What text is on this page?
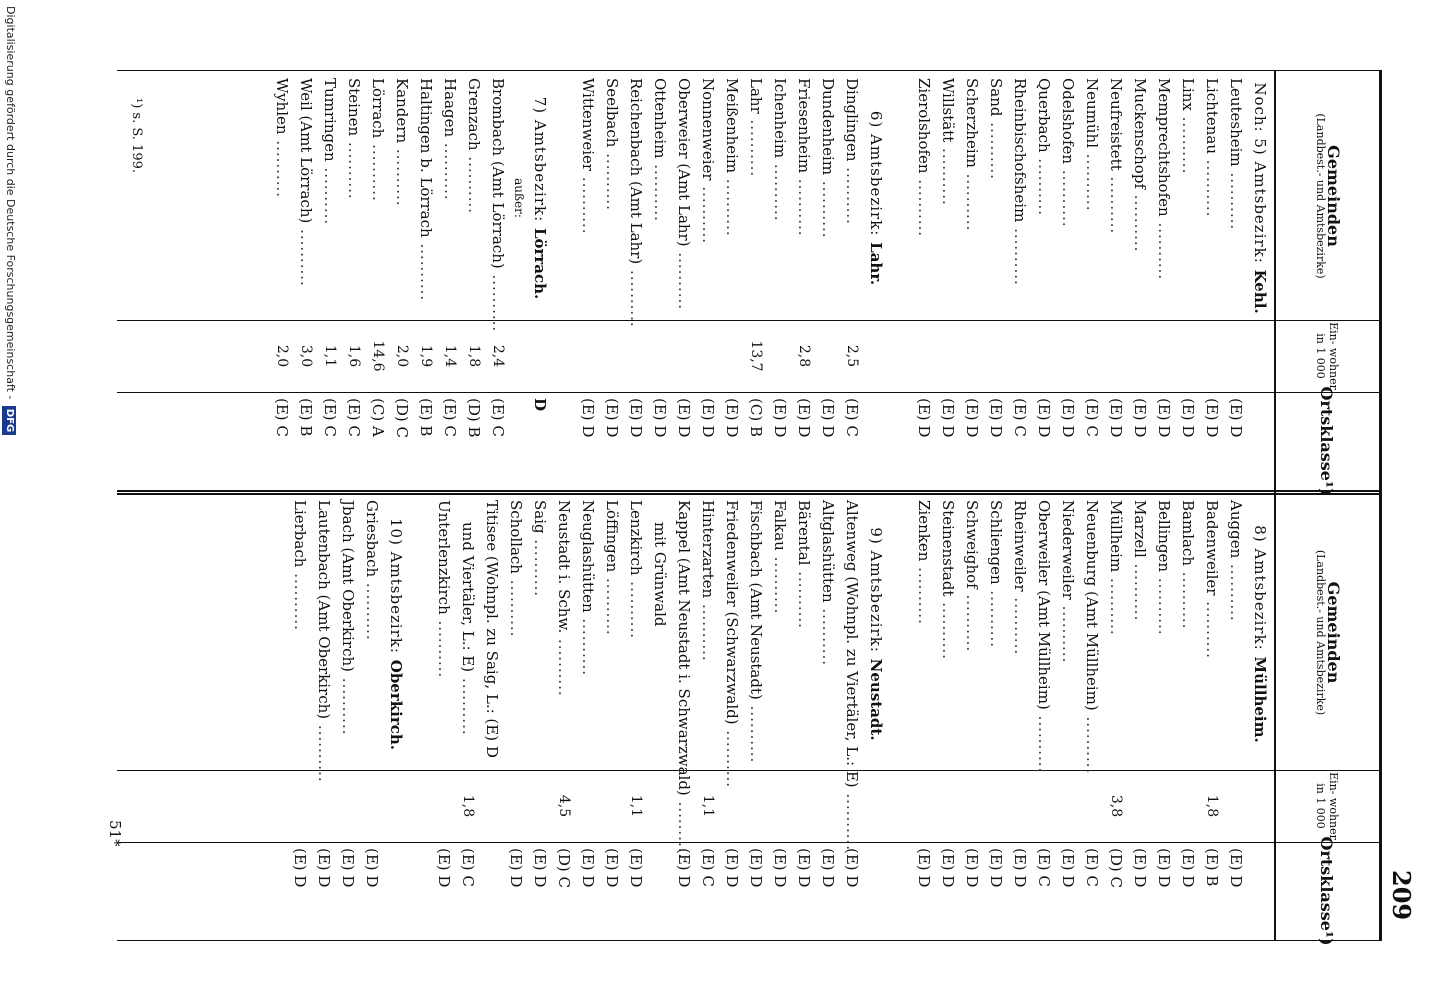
209
Gemeinden
(Landbest.- und Amtsbezirke)
Ein- wohner in 1 000
Ortsklasse¹)
Gemeinden
(Landbest.- und Amtsbezirke)
Ein- wohner in 1 000
Ortsklasse¹)
Noch: 5) Amtsbezirk: Kehl.
Leutesheim ..........
Lichtenau ..........
Linx ..........
Memprechtshofen ..........
Muckenschopf ..........
Neufreistett ..........
Neumühl ..........
Odelshofen ..........
Querbach ..........
Rheinbischofsheim ..........
Sand ..........
Scherzheim ..........
Willstätt ..........
Zierolshofen ..........
6) Amtsbezirk: Lahr.
Dinglingen ..........
Dundenheim ..........
Friesenheim ..........
Ichenheim ..........
Lahr ..........
Meißenheim ..........
Nonnenweier ..........
Oberweier (Amt Lahr) ..........
Ottenheim ..........
Reichenbach (Amt Lahr) ..........
Seelbach ..........
Wittenweier ..........
7) Amtsbezirk: Lörrach.
außer:
Brombach (Amt Lörrach) ..........
Grenzach ..........
Haagen ..........
Haltingen b. Lörrach ..........
Kandern ..........
Lörrach ..........
Steinen ..........
Tumringen ..........
Weil (Amt Lörrach) ..........
Wyhlen ..........
2,5
2,8
13,7
2,4
1,8
1,4
1,9
2,0
14,6
1,6
1,1
3,0
2,0
(E) D
(E) D
(E) D
(E) D
(E) D
(E) D
(E) C
(E) D
(E) D
(E) C
(E) D
(E) D
(E) D
(E) D
(E) C
(E) D
(E) D
(E) D
(C) B
(E) D
(E) D
(E) D
(E) D
(E) D
(E) D
(E) D
D
(E) C
(D) B
(E) C
(E) B
(D) C
(C) A
(E) C
(E) C
(E) B
(E) C
8) Amtsbezirk: Müllheim.
Auggen ..........
Badenweiler ..........
Bamlach ..........
Bellingen ..........
Marzell ..........
Müllheim ..........
Neuenburg (Amt Müllheim) ..........
Niederweiler ..........
Oberweiler (Amt Müllheim) ..........
Rheinweiler ..........
Schliengen ..........
Schweighof ..........
Steinenstadt ..........
Zienken ..........
9) Amtsbezirk: Neustadt.
Altenweg (Wohnpl. zu Viertäler, L.: E) ..........
Altglashütten ..........
Bärental ..........
Falkau ..........
Fischbach (Amt Neustadt) ..........
Friedenweiler (Schwarzwald) ..........
Hinterzarten ..........
Kappel (Amt Neustadt i. Schwarzwald) ..........
mit Grünwald
Lenzkirch ..........
Löffingen ..........
Neuglashütten ..........
Neustadt i. Schw. ..........
Saig ..........
Schollach ..........
Titisee (Wohnpl. zu Saig, L.: (E) D
und Viertäler, L.: E) ..........
Unterlenzkirch ..........
10) Amtsbezirk: Oberkirch.
Griesbach ..........
Jbach (Amt Oberkirch) ..........
Lautenbach (Amt Oberkirch) ..........
Lierbach ..........
1,8
3,8
1,1
1,1
4,5
1,8
(E) D
(E) B
(E) D
(E) D
(E) D
(D) C
(E) C
(E) D
(E) C
(E) D
(E) D
(E) D
(E) D
(E) D
(E) D
(E) D
(E) D
(E) D
(E) D
(E) D
(E) C
(E) D
(E) D
(E) D
(E) D
(D) C
(E) D
(E) D
(E) C
(E) D
(E) D
(E) D
(E) D
(E) D
¹) s. S. 199.
51*
Digitalisierung gefördert durch die Deutsche Forschungsgemeinschaft - DFG
